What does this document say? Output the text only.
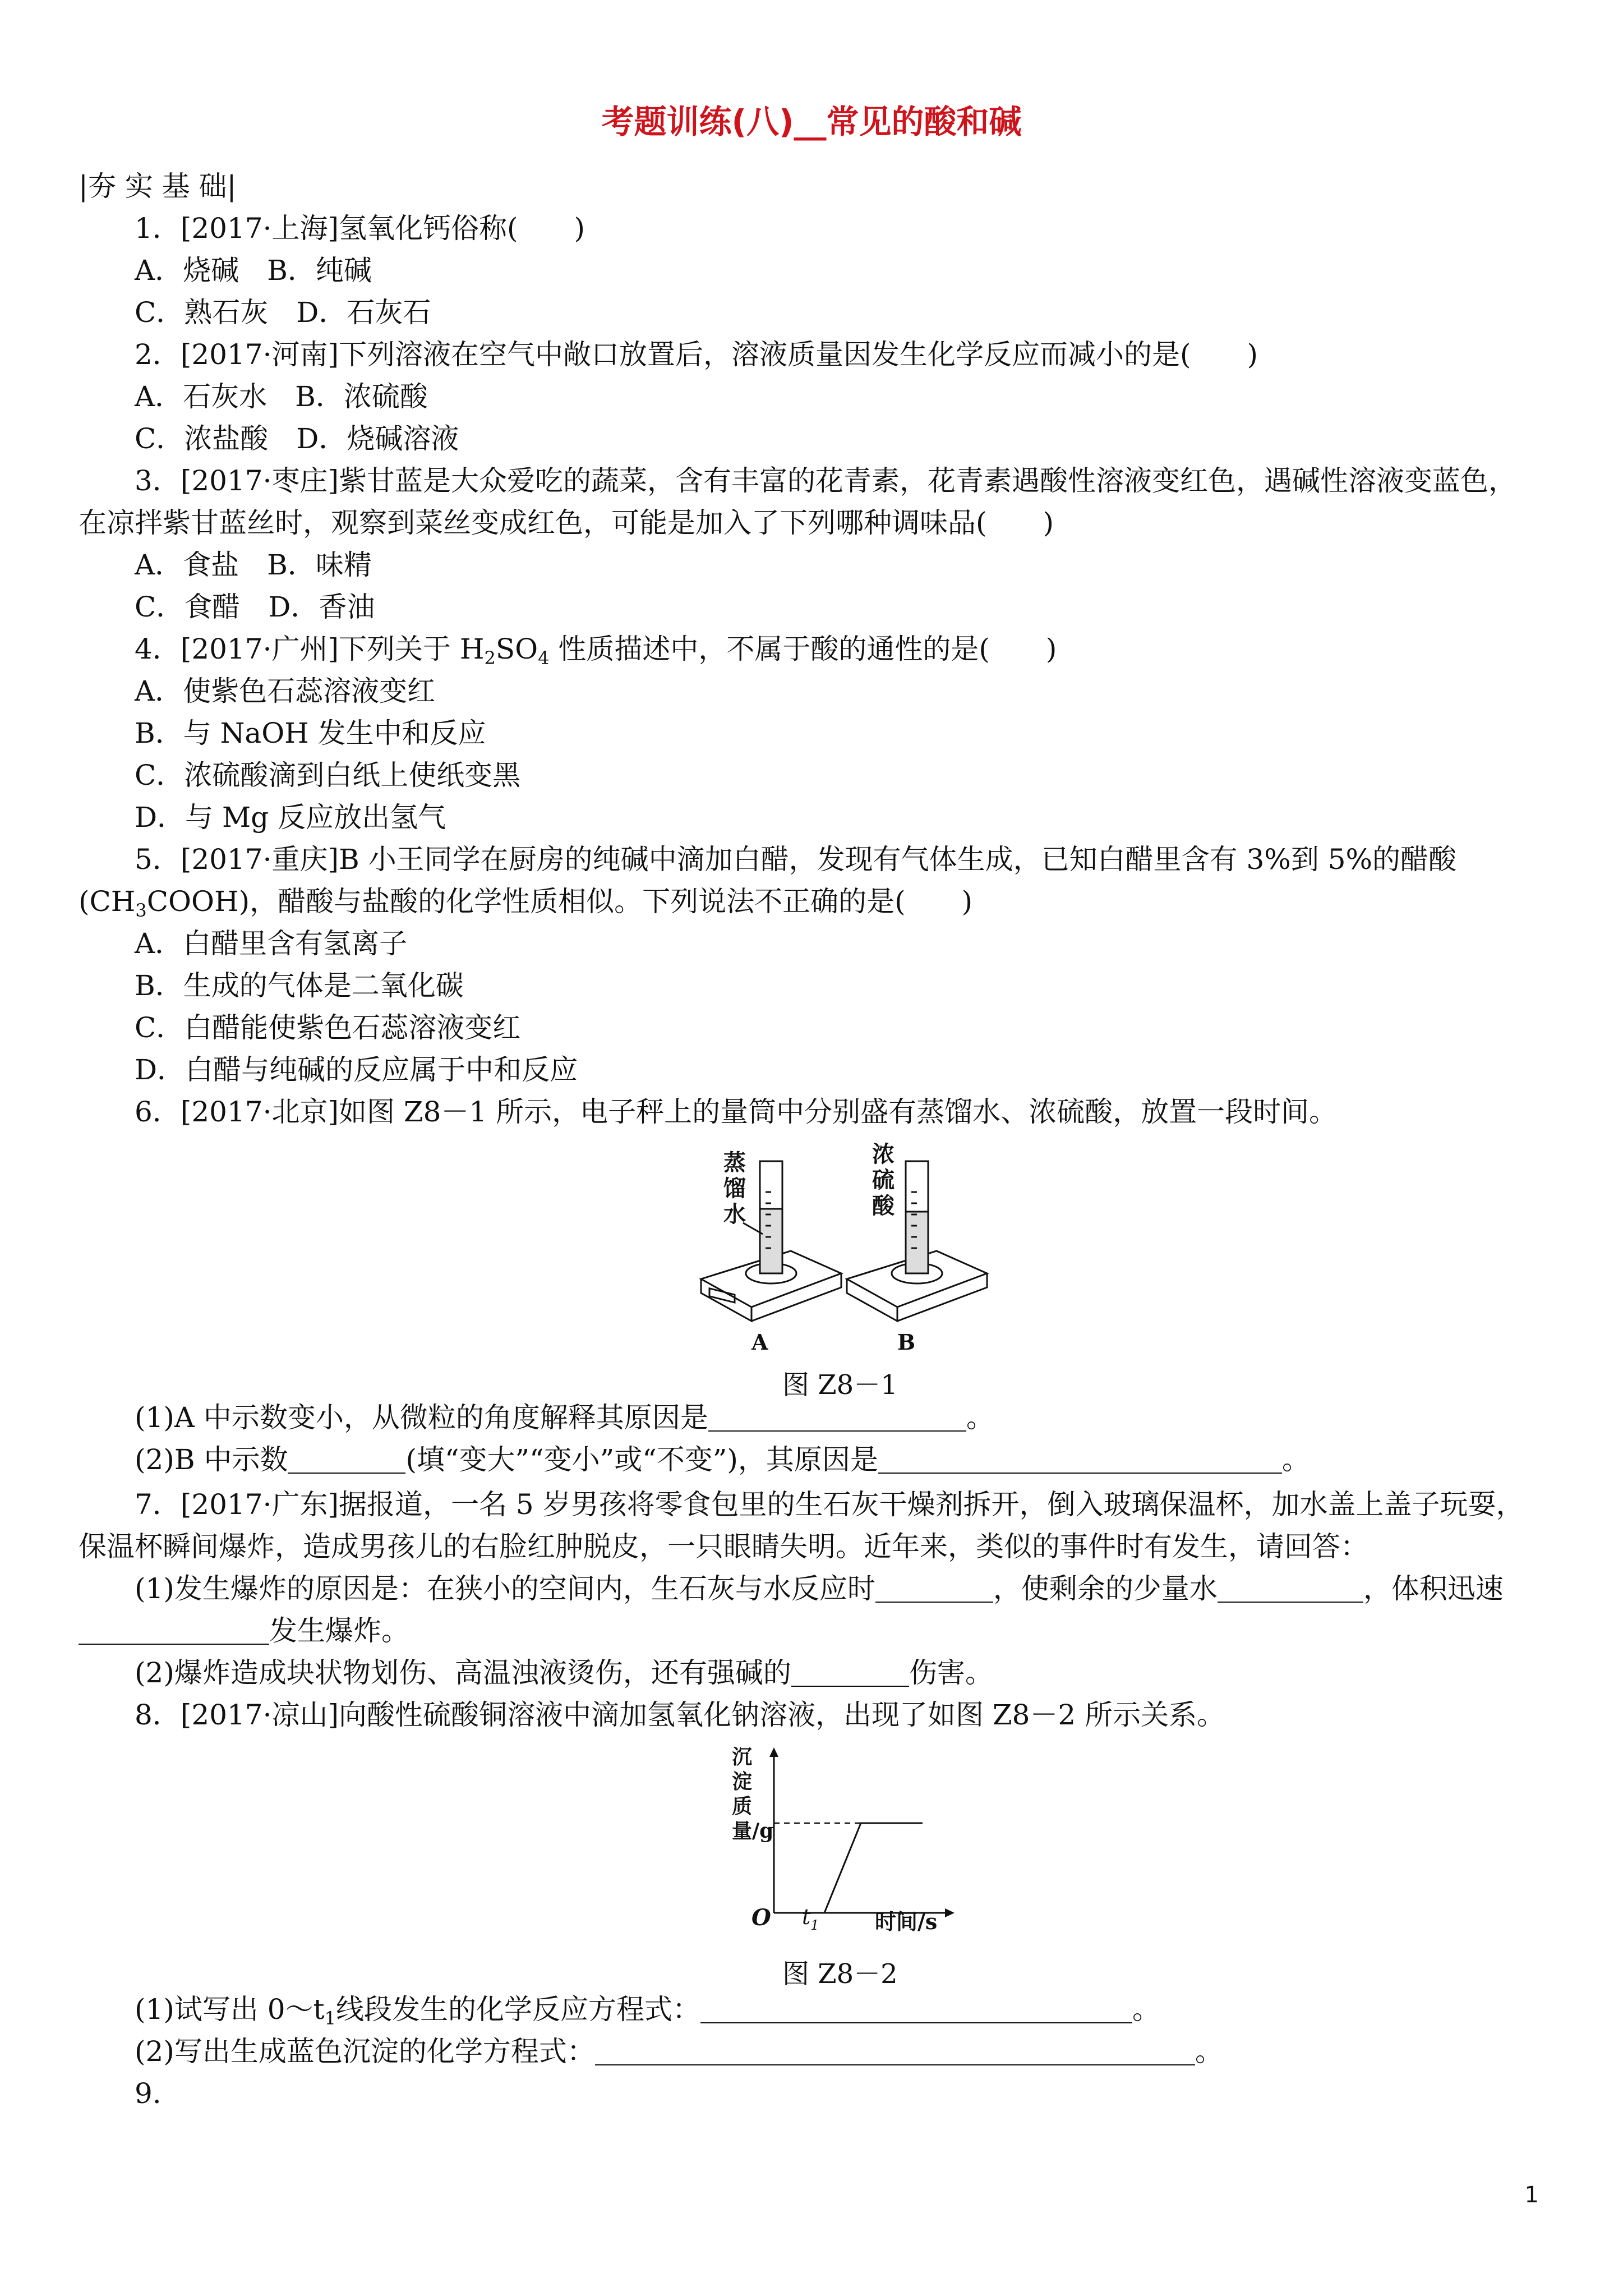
考题训练(八)__常见的酸和碱
|夯 实 基 础|
1．[2017·上海]氢氧化钙俗称(　　)
A．烧碱　B．纯碱
C．熟石灰　D．石灰石
2．[2017·河南]下列溶液在空气中敞口放置后，溶液质量因发生化学反应而减小的是(　　)
A．石灰水　B．浓硫酸
C．浓盐酸　D．烧碱溶液
3．[2017·枣庄]紫甘蓝是大众爱吃的蔬菜，含有丰富的花青素，花青素遇酸性溶液变红色，遇碱性溶液变蓝色，
在凉拌紫甘蓝丝时，观察到菜丝变成红色，可能是加入了下列哪种调味品(　　)
A．食盐　B．味精
C．食醋　D．香油
4．[2017·广州]下列关于 $H_2SO_4$ 性质描述中，不属于酸的通性的是(　　)
A．使紫色石蕊溶液变红
B．与 NaOH 发生中和反应
C．浓硫酸滴到白纸上使纸变黑
D．与 Mg 反应放出氢气
5．[2017·重庆]B 小王同学在厨房的纯碱中滴加白醋，发现有气体生成，已知白醋里含有 3%到 5%的醋酸
$(CH_3COOH)$，醋酸与盐酸的化学性质相似。下列说法不正确的是(　　)
A．白醋里含有氢离子
B．生成的气体是二氧化碳
C．白醋能使紫色石蕊溶液变红
D．白醋与纯碱的反应属于中和反应
6．[2017·北京]如图 Z8－1 所示，电子秤上的量筒中分别盛有蒸馏水、浓硫酸，放置一段时间。
蒸馏水
浓硫酸
A	B
图 Z8－1
(1)A 中示数变小，从微粒的角度解释其原因是	。
(2)B 中示数	(填“变大”“变小”或“不变”)，其原因是	。
7．[2017·广东]据报道，一名 5 岁男孩将零食包里的生石灰干燥剂拆开，倒入玻璃保温杯，加水盖上盖子玩耍，
保温杯瞬间爆炸，造成男孩儿的右脸红肿脱皮，一只眼睛失明。近年来，类似的事件时有发生，请回答：
(1)发生爆炸的原因是：在狭小的空间内，生石灰与水反应时	，使剩余的少量水	，体积迅速
发生爆炸。
(2)爆炸造成块状物划伤、高温浊液烫伤，还有强碱的	伤害。
8．[2017·凉山]向酸性硫酸铜溶液中滴加氢氧化钠溶液，出现了如图 Z8－2 所示关系。
沉淀质量/g
O $t_1$	时间/s
图 Z8－2
(1)试写出 $0\sim t_1$线段发生的化学反应方程式：	。
(2)写出生成蓝色沉淀的化学方程式：	。
9.
1
